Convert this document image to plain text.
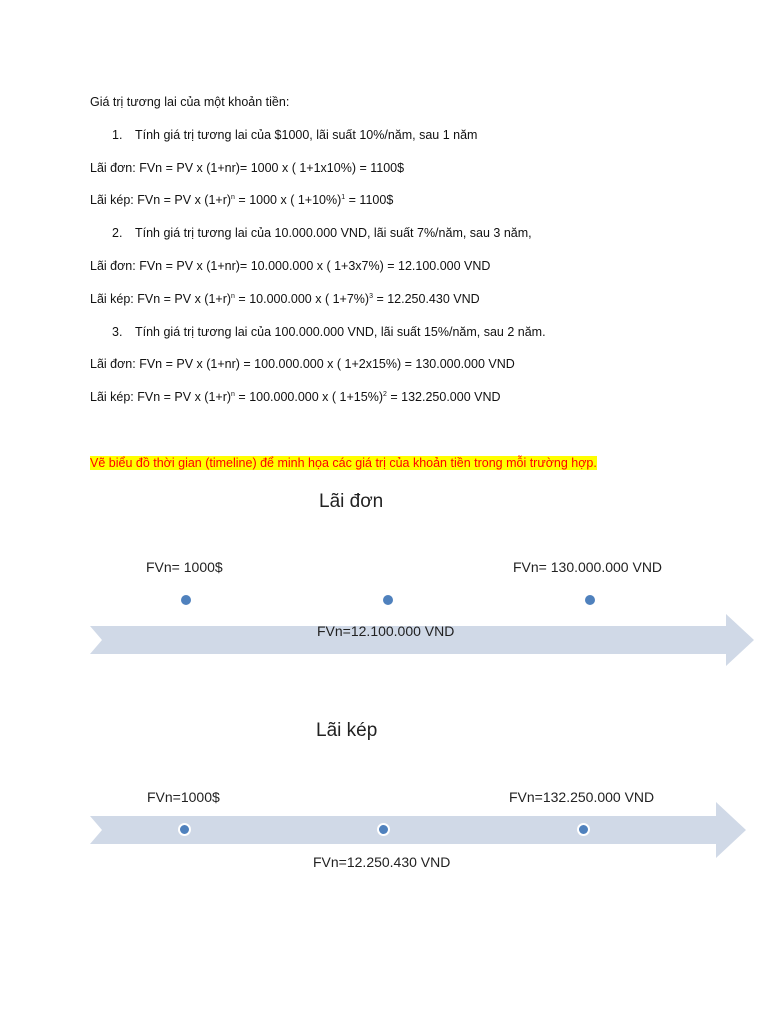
Giá trị tương lai của một khoản tiền:
1. Tính giá trị tương lai của $1000, lãi suất 10%/năm, sau 1 năm
Lãi đơn: FVn = PV x (1+nr)= 1000 x ( 1+1x10%) = 1100$
Lãi kép: FVn = PV x $(1+r)^n = 1000$ x ( 1+10%)$^1$ = 1100$
2. Tính giá trị tương lai của 10.000.000 VND, lãi suất 7%/năm, sau 3 năm,
Lãi đơn: FVn = PV x (1+nr)= 10.000.000 x ( 1+3x7%) = 12.100.000 VND
Lãi kép: FVn = PV x $(1+r)^n = 10.000.000$ x ( 1+7%)$^3$ = 12.250.430 VND
3. Tính giá trị tương lai của 100.000.000 VND, lãi suất 15%/năm, sau 2 năm.
Lãi đơn: FVn = PV x (1+nr) = 100.000.000 x ( 1+2x15%) = 130.000.000 VND
Lãi kép: FVn = PV x $(1+r)^n = 100.000.000$ x ( 1+15%)$^2$ = 132.250.000 VND
Vẽ biểu đồ thời gian (timeline) để minh họa các giá trị của khoản tiền trong mỗi trường hợp.
Lãi đơn
FVn= 1000$	FVn= 130.000.000 VND
FVn=12.100.000 VND
Lãi kép
FVn=1000$	FVn=132.250.000 VND
FVn=12.250.430 VND
